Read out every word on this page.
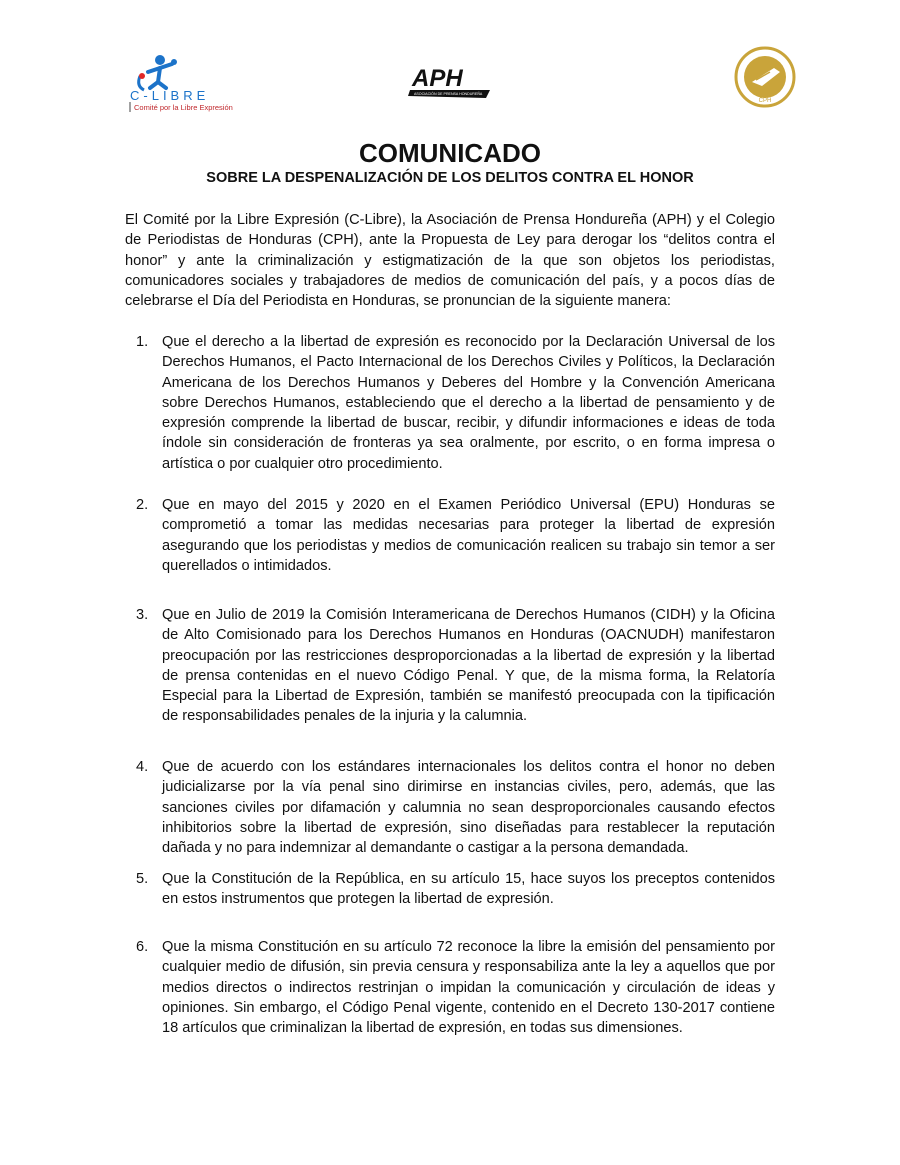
C-LIBRE
Comité por la Libre Expresión
APH
ASOCIACIÓN DE PRENSA HONDUREÑA
CPH
COMUNICADO
SOBRE LA DESPENALIZACIÓN DE LOS DELITOS CONTRA EL HONOR

El Comité por la Libre Expresión (C-Libre), la Asociación de Prensa Hondureña (APH) y el Colegio de Periodistas de Honduras (CPH), ante la Propuesta de Ley para derogar los “delitos contra el honor” y ante la criminalización y estigmatización de la que son objetos los periodistas, comunicadores sociales y trabajadores de medios de comunicación del país, y a pocos días de celebrarse el Día del Periodista en Honduras, se pronuncian de la siguiente manera:

1. Que el derecho a la libertad de expresión es reconocido por la Declaración Universal de los Derechos Humanos, el Pacto Internacional de los Derechos Civiles y Políticos, la Declaración Americana de los Derechos Humanos y Deberes del Hombre y la Convención Americana sobre Derechos Humanos, estableciendo que el derecho a la libertad de pensamiento y de expresión comprende la libertad de buscar, recibir, y difundir informaciones e ideas de toda índole sin consideración de fronteras ya sea oralmente, por escrito, o en forma impresa o artística o por cualquier otro procedimiento.
2. Que en mayo del 2015 y 2020 en el Examen Periódico Universal (EPU) Honduras se comprometió a tomar las medidas necesarias para proteger la libertad de expresión asegurando que los periodistas y medios de comunicación realicen su trabajo sin temor a ser querellados o intimidados.
3. Que en Julio de 2019 la Comisión Interamericana de Derechos Humanos (CIDH) y la Oficina de Alto Comisionado para los Derechos Humanos en Honduras (OACNUDH) manifestaron preocupación por las restricciones desproporcionadas a la libertad de expresión y la libertad de prensa contenidas en el nuevo Código Penal. Y que, de la misma forma, la Relatoría Especial para la Libertad de Expresión, también se manifestó preocupada con la tipificación de responsabilidades penales de la injuria y la calumnia.
4. Que de acuerdo con los estándares internacionales los delitos contra el honor no deben judicializarse por la vía penal sino dirimirse en instancias civiles, pero, además, que las sanciones civiles por difamación y calumnia no sean desproporcionales causando efectos inhibitorios sobre la libertad de expresión, sino diseñadas para restablecer la reputación dañada y no para indemnizar al demandante o castigar a la persona demandada.
5. Que la Constitución de la República, en su artículo 15, hace suyos los preceptos contenidos en estos instrumentos que protegen la libertad de expresión.
6. Que la misma Constitución en su artículo 72 reconoce la libre la emisión del pensamiento por cualquier medio de difusión, sin previa censura y responsabiliza ante la ley a aquellos que por medios directos o indirectos restrinjan o impidan la comunicación y circulación de ideas y opiniones. Sin embargo, el Código Penal vigente, contenido en el Decreto 130-2017 contiene 18 artículos que criminalizan la libertad de expresión, en todas sus dimensiones.
